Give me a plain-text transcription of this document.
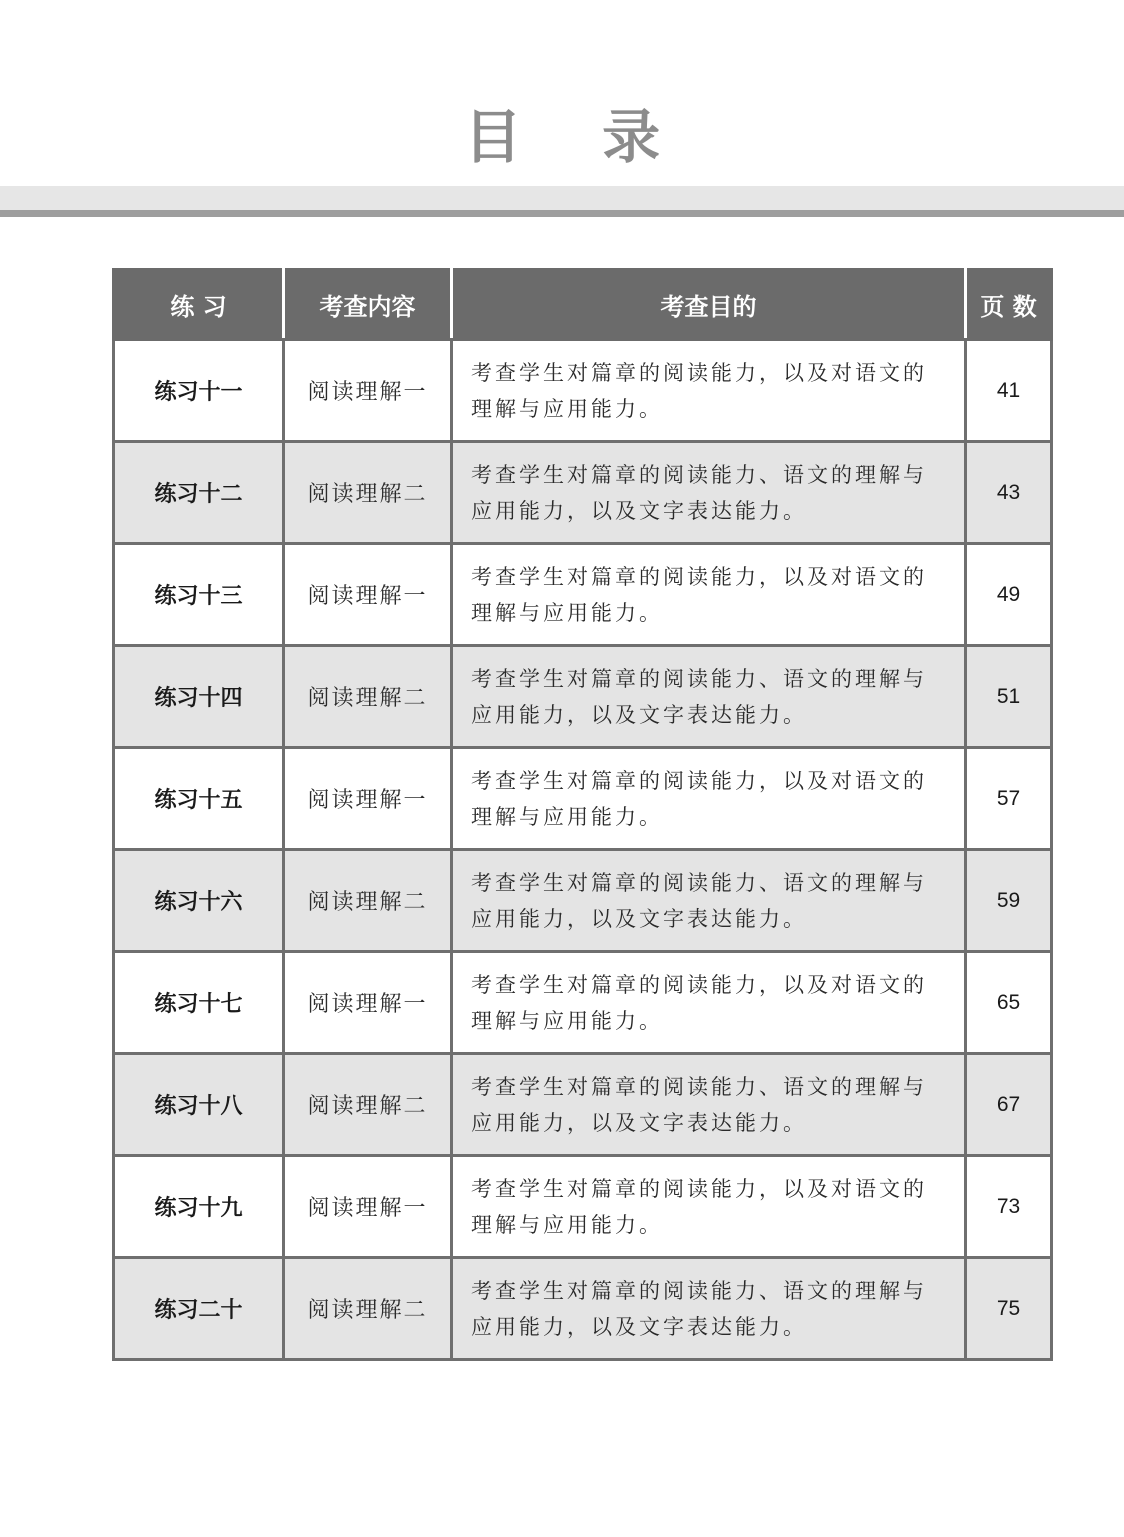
目 录
练 习	考查内容	考查目的	页 数
练习十一	阅读理解一	考查学生对篇章的阅读能力，以及对语文的
理解与应用能力。	41
练习十二	阅读理解二	考查学生对篇章的阅读能力、语文的理解与
应用能力，以及文字表达能力。	43
练习十三	阅读理解一	考查学生对篇章的阅读能力，以及对语文的
理解与应用能力。	49
练习十四	阅读理解二	考查学生对篇章的阅读能力、语文的理解与
应用能力，以及文字表达能力。	51
练习十五	阅读理解一	考查学生对篇章的阅读能力，以及对语文的
理解与应用能力。	57
练习十六	阅读理解二	考查学生对篇章的阅读能力、语文的理解与
应用能力，以及文字表达能力。	59
练习十七	阅读理解一	考查学生对篇章的阅读能力，以及对语文的
理解与应用能力。	65
练习十八	阅读理解二	考查学生对篇章的阅读能力、语文的理解与
应用能力，以及文字表达能力。	67
练习十九	阅读理解一	考查学生对篇章的阅读能力，以及对语文的
理解与应用能力。	73
练习二十	阅读理解二	考查学生对篇章的阅读能力、语文的理解与
应用能力，以及文字表达能力。	75
